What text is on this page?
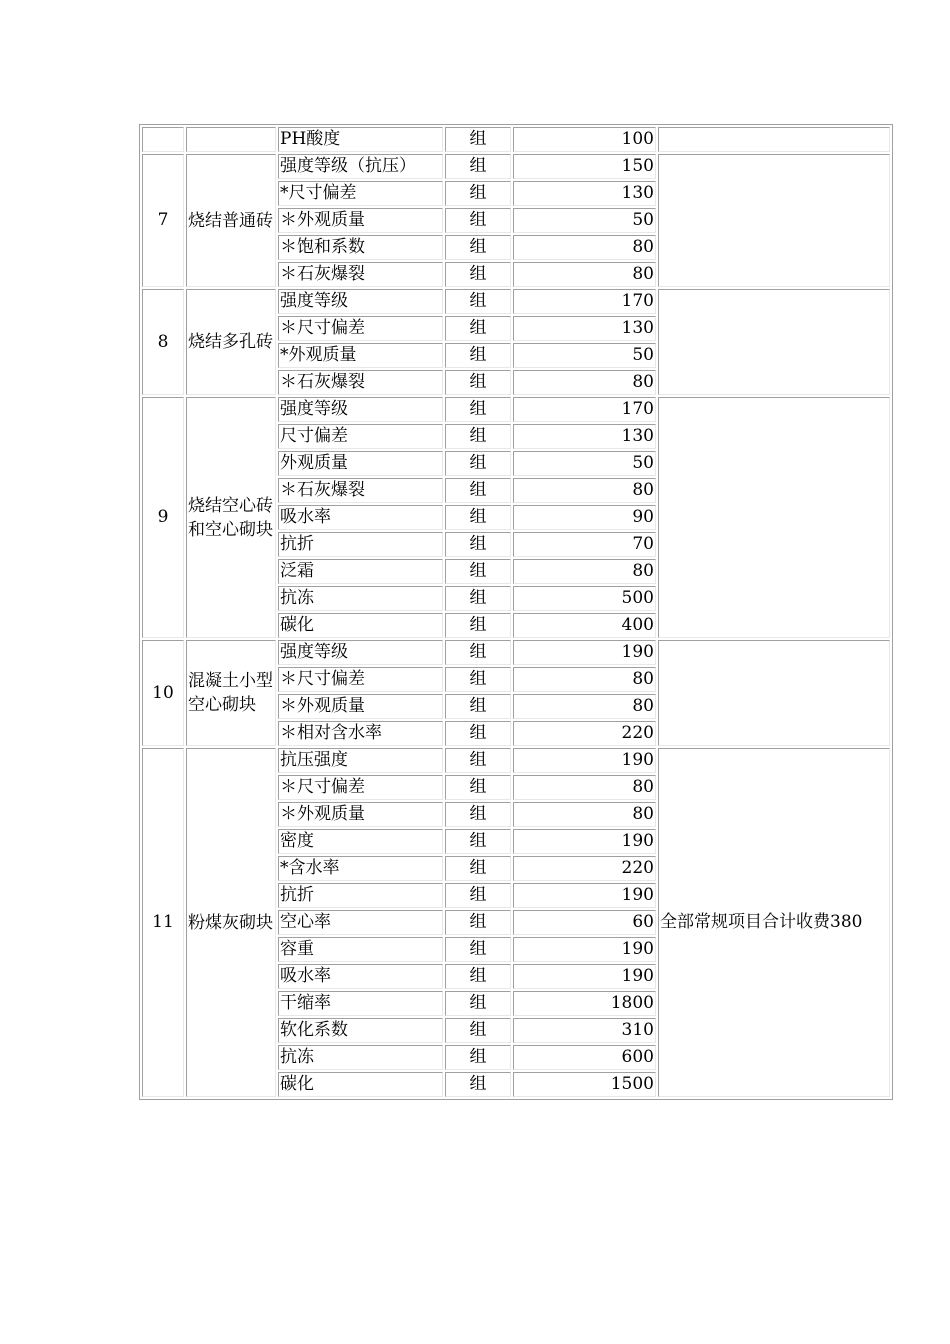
		PH酸度	组	100	
7	烧结普通砖	强度等级（抗压）	组	150	
		*尺寸偏差	组	130	
		＊外观质量	组	50	
		＊饱和系数	组	80	
		＊石灰爆裂	组	80	
8	烧结多孔砖	强度等级	组	170	
		＊尺寸偏差	组	130	
		*外观质量	组	50	
		＊石灰爆裂	组	80	
9	烧结空心砖和空心砌块	强度等级	组	170	
		尺寸偏差	组	130	
		外观质量	组	50	
		＊石灰爆裂	组	80	
		吸水率	组	90	
		抗折	组	70	
		泛霜	组	80	
		抗冻	组	500	
		碳化	组	400	
10	混凝土小型空心砌块	强度等级	组	190	
		＊尺寸偏差	组	80	
		＊外观质量	组	80	
		＊相对含水率	组	220	
11	粉煤灰砌块	抗压强度	组	190	全部常规项目合计收费380
		＊尺寸偏差	组	80	
		＊外观质量	组	80	
		密度	组	190	
		*含水率	组	220	
		抗折	组	190	
		空心率	组	60	
		容重	组	190	
		吸水率	组	190	
		干缩率	组	1800	
		软化系数	组	310	
		抗冻	组	600	
		碳化	组	1500	
